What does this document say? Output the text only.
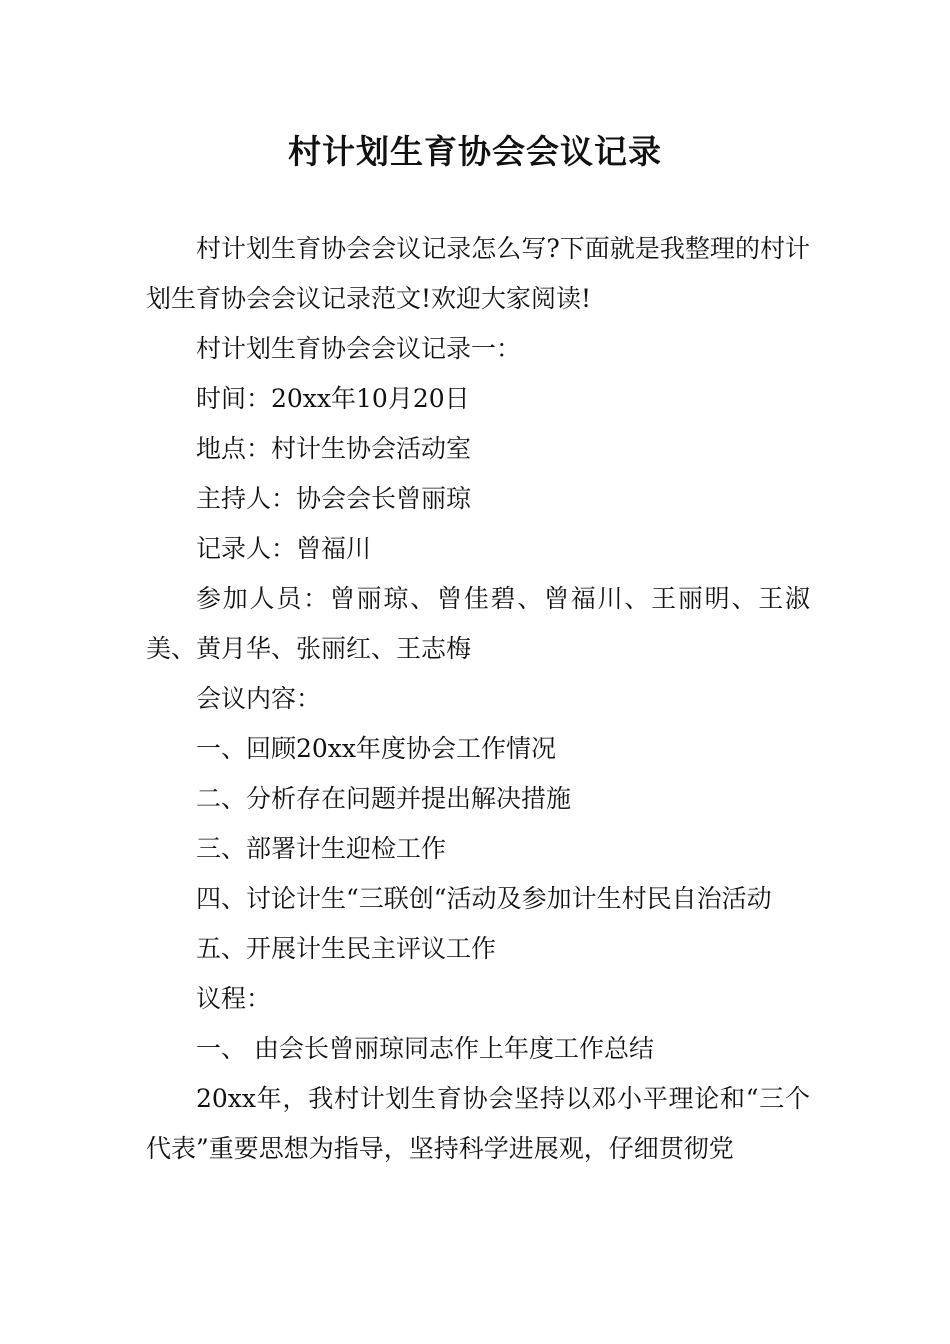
村计划生育协会会议记录

村计划生育协会会议记录怎么写?下面就是我整理的村计划生育协会会议记录范文!欢迎大家阅读!

村计划生育协会会议记录一：

时间：20xx年10月20日

地点：村计生协会活动室

主持人：协会会长曾丽琼

记录人：曾福川

参加人员：曾丽琼、曾佳碧、曾福川、王丽明、王淑美、黄月华、张丽红、王志梅

会议内容：

一、回顾20xx年度协会工作情况

二、分析存在问题并提出解决措施

三、部署计生迎检工作

四、讨论计生“三联创“活动及参加计生村民自治活动

五、开展计生民主评议工作

议程：

一、 由会长曾丽琼同志作上年度工作总结

20xx年，我村计划生育协会坚持以邓小平理论和“三个代表”重要思想为指导，坚持科学进展观，仔细贯彻党
